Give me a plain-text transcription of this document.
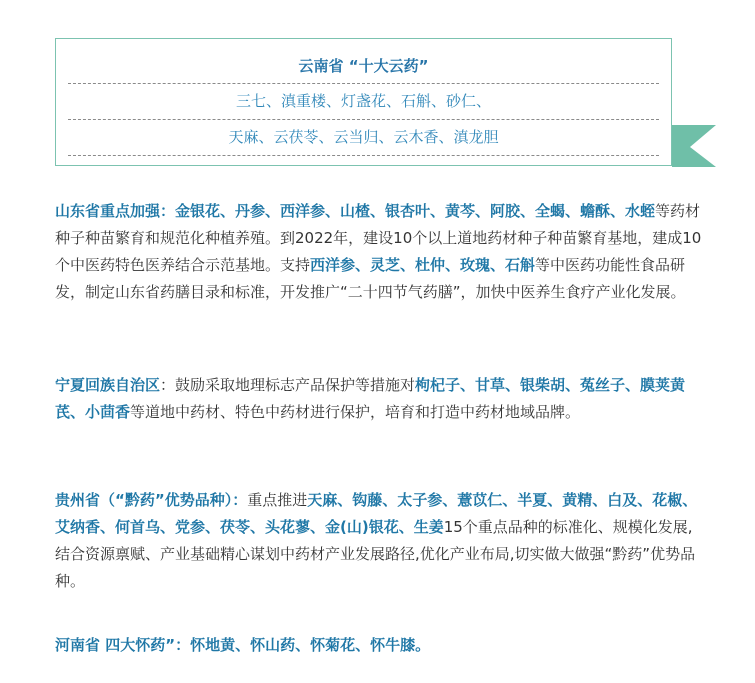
云南省 “十大云药”
三七、滇重楼、灯盏花、石斛、砂仁、
天麻、云茯苓、云当归、云木香、滇龙胆

山东省重点加强：金银花、丹参、西洋参、山楂、银杏叶、黄芩、阿胶、全蝎、蟾酥、水蛭等药材种子种苗繁育和规范化种植养殖。到2022年，建设10个以上道地药材种子种苗繁育基地，建成10个中医药特色医养结合示范基地。支持西洋参、灵芝、杜仲、玫瑰、石斛等中医药功能性食品研发，制定山东省药膳目录和标准，开发推广“二十四节气药膳”，加快中医养生食疗产业化发展。

宁夏回族自治区：鼓励采取地理标志产品保护等措施对枸杞子、甘草、银柴胡、菟丝子、膜荚黄芪、小茴香等道地中药材、特色中药材进行保护，培育和打造中药材地域品牌。

贵州省（“黔药”优势品种）：重点推进天麻、钩藤、太子参、薏苡仁、半夏、黄精、白及、花椒、艾纳香、何首乌、党参、茯苓、头花蓼、金(山)银花、生姜15个重点品种的标准化、规模化发展,结合资源禀赋、产业基础精心谋划中药材产业发展路径,优化产业布局,切实做大做强“黔药”优势品种。

河南省 四大怀药”：怀地黄、怀山药、怀菊花、怀牛膝。
